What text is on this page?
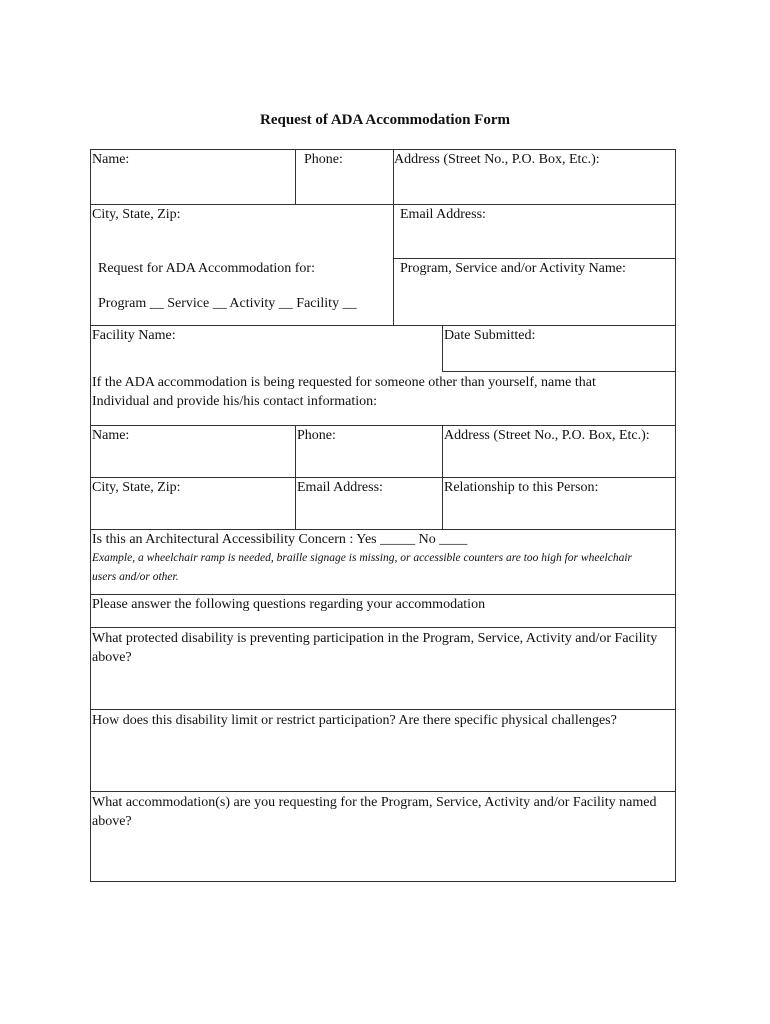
Request of ADA Accommodation Form
Name:	Phone:	Address (Street No., P.O. Box, Etc.):
City, State, Zip:	Email Address:
Request for ADA Accommodation for:
Program __ Service __ Activity __ Facility __
Program, Service and/or Activity Name:
Facility Name:	Date Submitted:
If the ADA accommodation is being requested for someone other than yourself, name that Individual and provide his/his contact information:
Name:	Phone:	Address (Street No., P.O. Box, Etc.):
City, State, Zip:	Email Address:	Relationship to this Person:
Is this an Architectural Accessibility Concern : Yes _____ No ____
Example, a wheelchair ramp is needed, braille signage is missing, or accessible counters are too high for wheelchair users and/or other.
Please answer the following questions regarding your accommodation
What protected disability is preventing participation in the Program, Service, Activity and/or Facility above?
How does this disability limit or restrict participation? Are there specific physical challenges?
What accommodation(s) are you requesting for the Program, Service, Activity and/or Facility named above?
